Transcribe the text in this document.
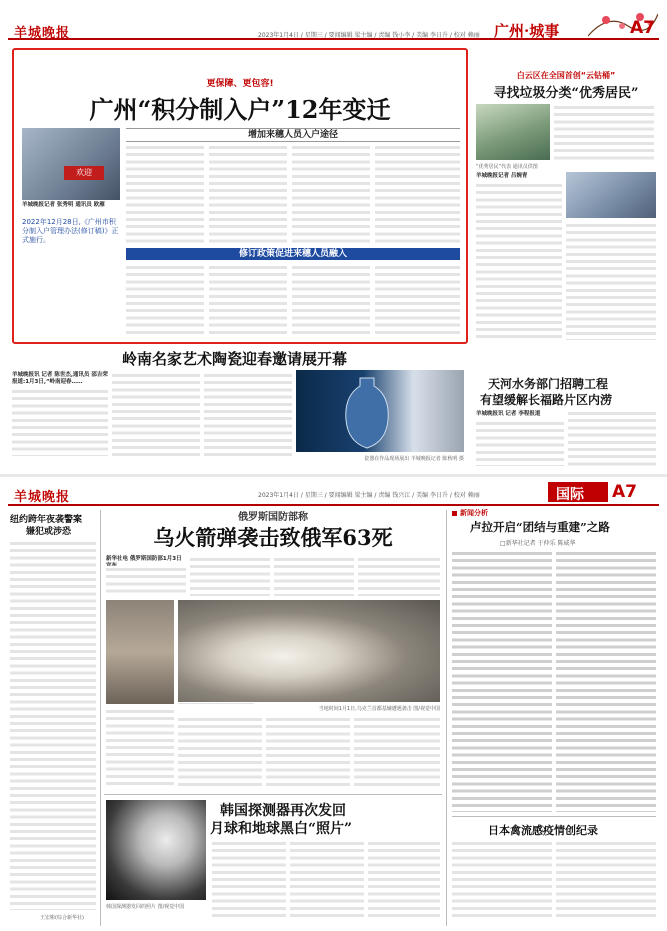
羊城晚报	2023年1月4日 / 星期三 / 要闻编辑 梁主编 / 责编 钱小李 / 美编 李日升 / 校对 赖丽 广州·城事	A7
更保障、更包容!
广州“积分制入户”12年变迁
欢迎
羊城晚报记者 张秀明 通讯员 欧雁
2022年12月28日,《广州市积分制入户管理办法(修订稿)》正式施行。
增加来穗人员入户途径
修订政策促进来穗人员融入
白云区在全国首创“云钻桶”
寻找垃圾分类“优秀居民”
“优秀居民”代表 通讯员供图
羊城晚报记者 吕婉青
岭南名家艺术陶瓷迎春邀请展开幕
羊城晚报讯 记者 陈世杰,通讯员 邵吉荣报道:1月3日,“岭南迎春……
瓷器在作品现场展出 羊城晚报记者 陈秋明 摄
天河水务部门招聘工程
有望缓解长福路片区内涝
羊城晚报讯 记者 李程报道
羊城晚报	2023年1月4日 / 星期三 / 要闻编辑 梁主编 / 责编 钱兴江 / 美编 李日升 / 校对 赖丽	国际 A7
纽约跨年夜袭警案
嫌犯或涉恐
王宏彬(综合新华社)
俄罗斯国防部称
乌火箭弹袭击致俄军63死
新华社电 俄罗斯国防部1月3日
当地时间1月1日,乌克兰首都基辅遭遇袭击 图/视觉中国
韩国探测器再次发回
月球和地球黑白“照片”
韩国探测器发回的照片 图/视觉中国
新闻分析
卢拉开启“团结与重建”之路
□新华社记者 于仲乐 陈威华
日本禽流感疫情创纪录
